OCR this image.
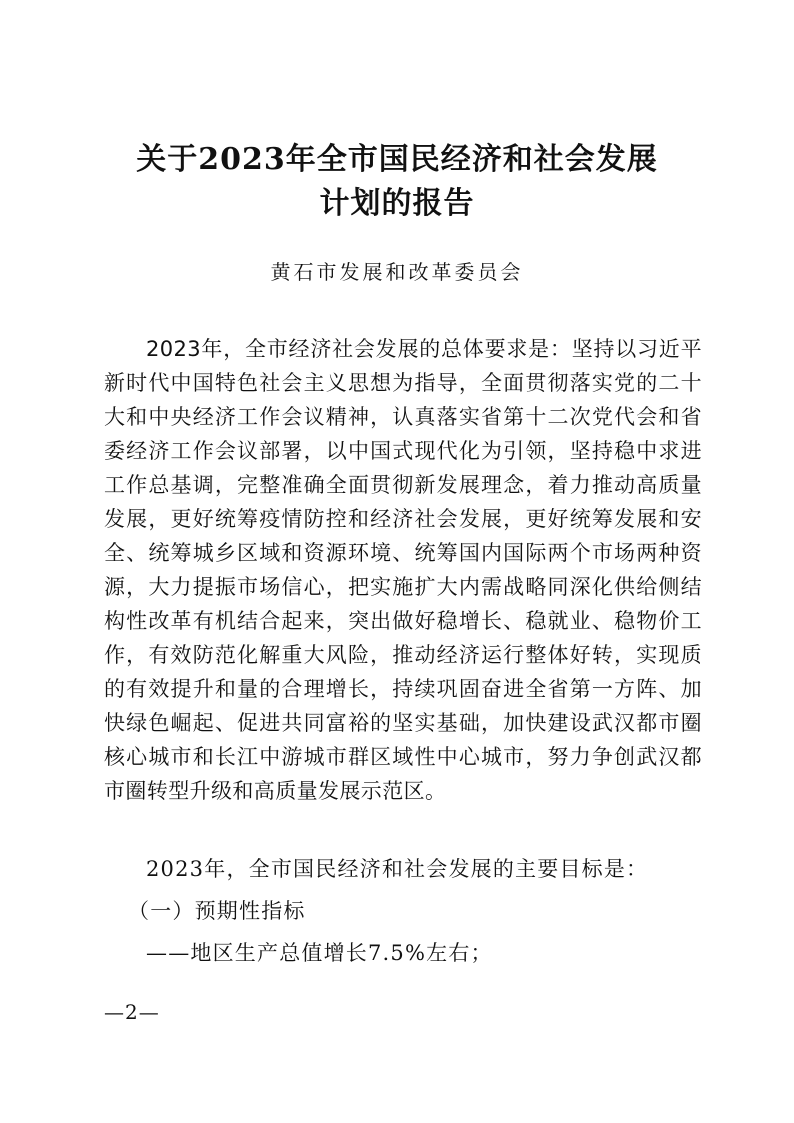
关于2023年全市国民经济和社会发展
计划的报告
黄石市发展和改革委员会
2023年，全市经济社会发展的总体要求是：坚持以习近平新时代中国特色社会主义思想为指导，全面贯彻落实党的二十大和中央经济工作会议精神，认真落实省第十二次党代会和省委经济工作会议部署，以中国式现代化为引领，坚持稳中求进工作总基调，完整准确全面贯彻新发展理念，着力推动高质量发展，更好统筹疫情防控和经济社会发展，更好统筹发展和安全、统筹城乡区域和资源环境、统筹国内国际两个市场两种资源，大力提振市场信心，把实施扩大内需战略同深化供给侧结构性改革有机结合起来，突出做好稳增长、稳就业、稳物价工作，有效防范化解重大风险，推动经济运行整体好转，实现质的有效提升和量的合理增长，持续巩固奋进全省第一方阵、加快绿色崛起、促进共同富裕的坚实基础，加快建设武汉都市圈核心城市和长江中游城市群区域性中心城市，努力争创武汉都市圈转型升级和高质量发展示范区。
2023年，全市国民经济和社会发展的主要目标是：
（一）预期性指标
——地区生产总值增长7.5%左右；
—2—
